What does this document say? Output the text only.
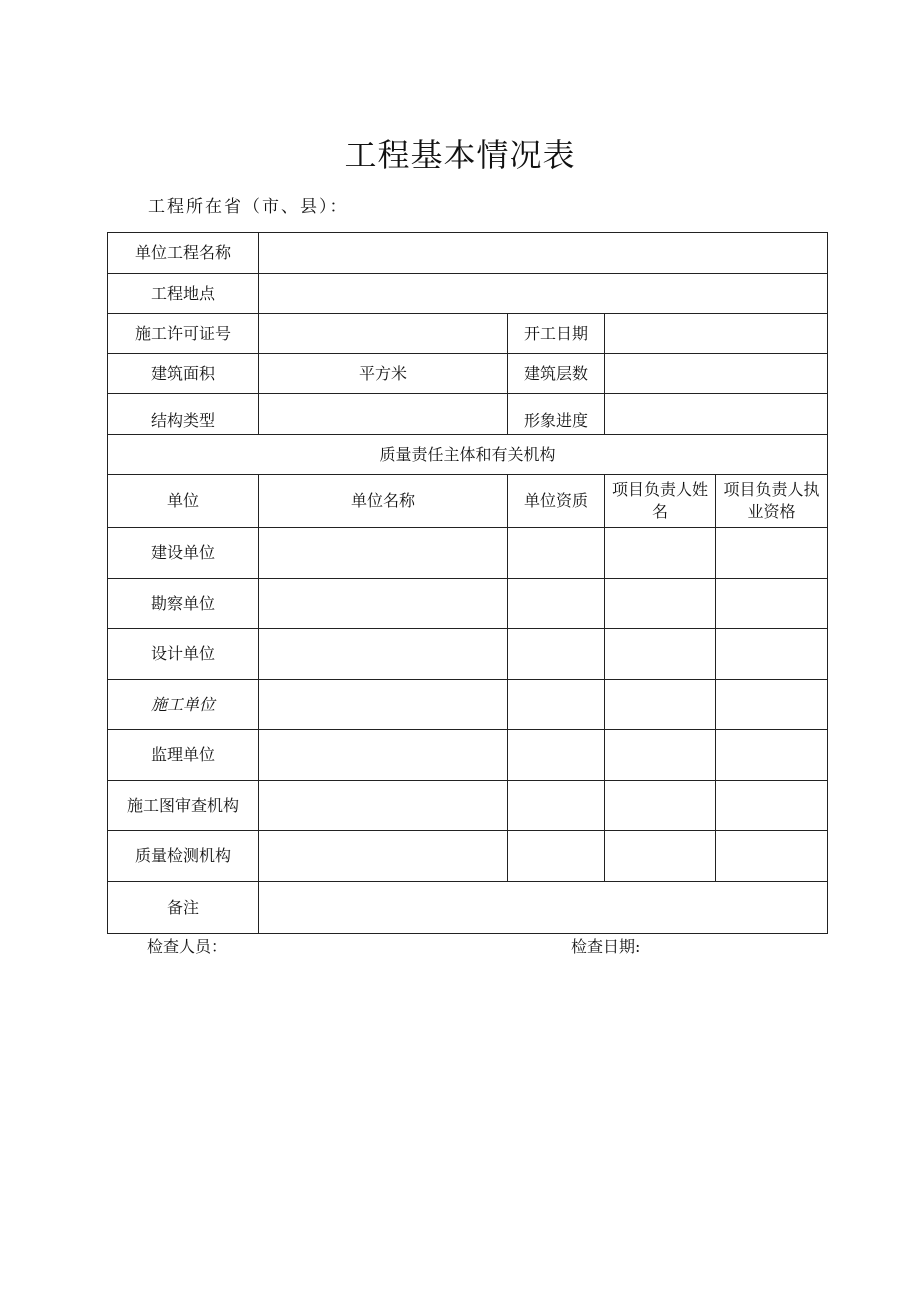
工程基本情况表
工程所在省（市、县）：
单位工程名称				
工程地点				
施工许可证号		开工日期		
建筑面积	平方米	建筑层数		
结构类型		形象进度		
质量责任主体和有关机构				
单位	单位名称	单位资质	项目负责人姓名	项目负责人执业资格
建设单位				
勘察单位				
设计单位				
施工单位				
监理单位				
施工图审查机构				
质量检测机构				
备注				
检查人员：	检查日期:
